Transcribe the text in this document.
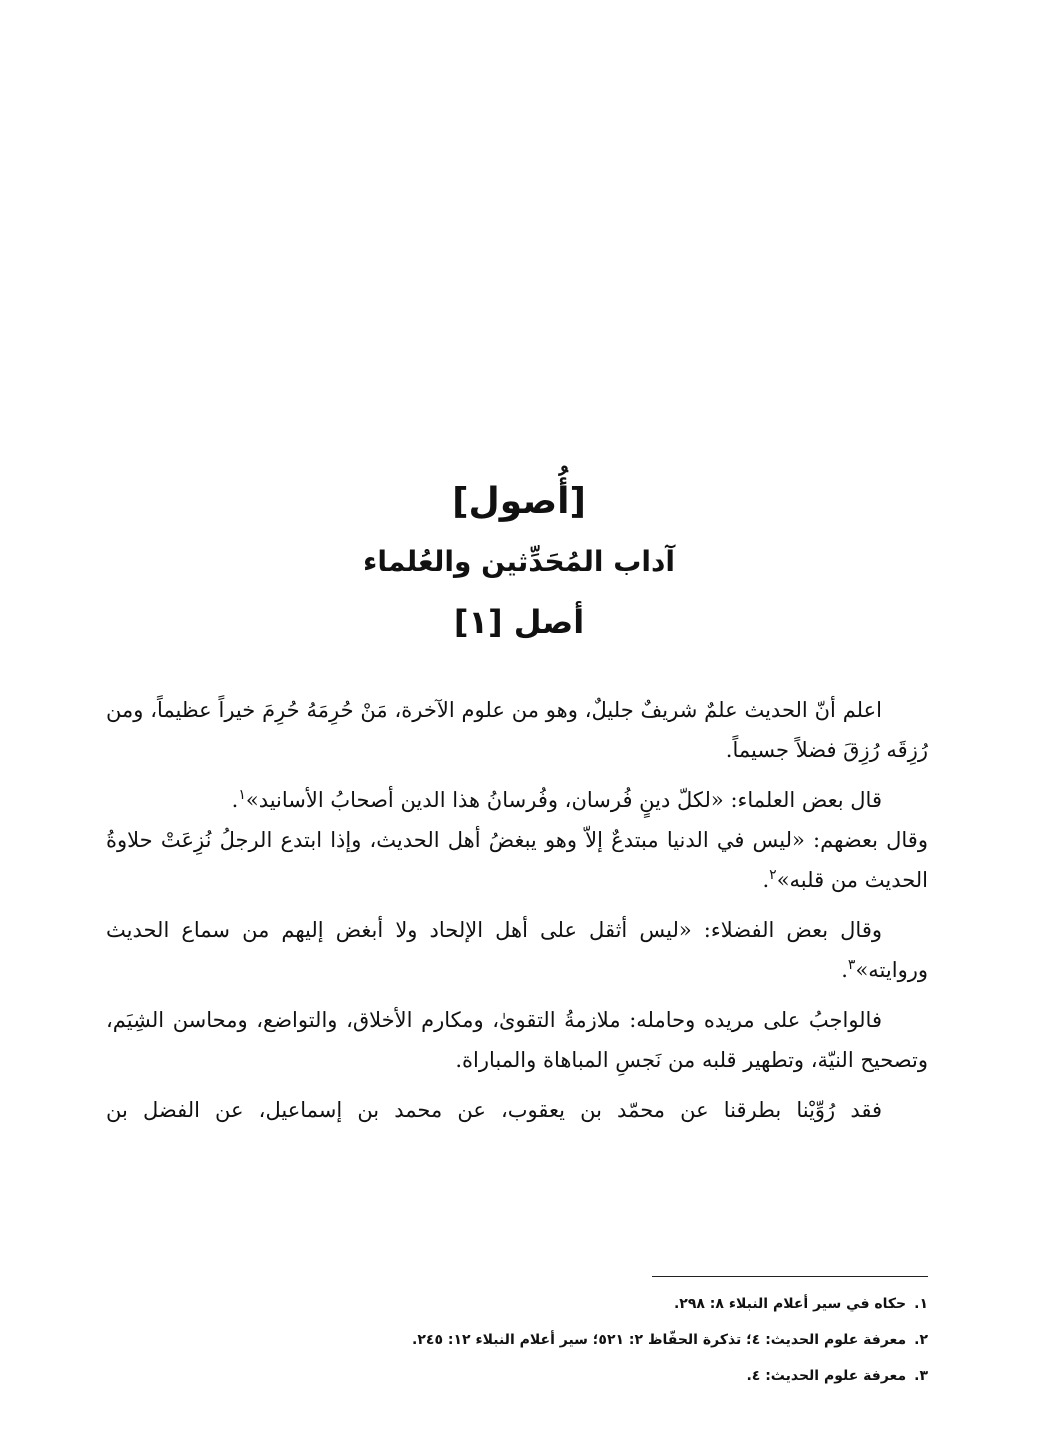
[أُصول]
آداب المُحَدِّثين والعُلماء
أصل [١]

اعلم أنّ الحديث علمٌ شريفٌ جليلٌ، وهو من علوم الآخرة، مَنْ حُرِمَهُ حُرِمَ خيراً عظيماً، ومن رُزِقَه رُزِقَ فضلاً جسيماً.

قال بعض العلماء: «لكلّ دينٍ فُرسان، وفُرسانُ هذا الدين أصحابُ الأسانيد»$^١$.

وقال بعضهم: «ليس في الدنيا مبتدعٌ إلاّ وهو يبغضُ أهل الحديث، وإذا ابتدع الرجلُ نُزِعَتْ حلاوةُ الحديث من قلبه»$^٢$.

وقال بعض الفضلاء: «ليس أثقل على أهل الإلحاد ولا أبغض إليهم من سماع الحديث وروايته»$^٣$.

فالواجبُ على مريده وحامله: ملازمةُ التقوىٰ، ومكارم الأخلاق، والتواضع، ومحاسن الشِيَم، وتصحيح النيّة، وتطهير قلبه من نَجسِ المباهاة والمباراة.

فقد رُوِّيْنا بطرقنا عن محمّد بن يعقوب، عن محمد بن إسماعيل، عن الفضل بن

١.حكاه في سير أعلام النبلاء ٨: ٢٩٨.
٢.معرفة علوم الحديث: ٤؛ تذكرة الحفّاظ ٢: ٥٢١؛ سير أعلام النبلاء ١٢: ٢٤٥.
٣.معرفة علوم الحديث: ٤.
